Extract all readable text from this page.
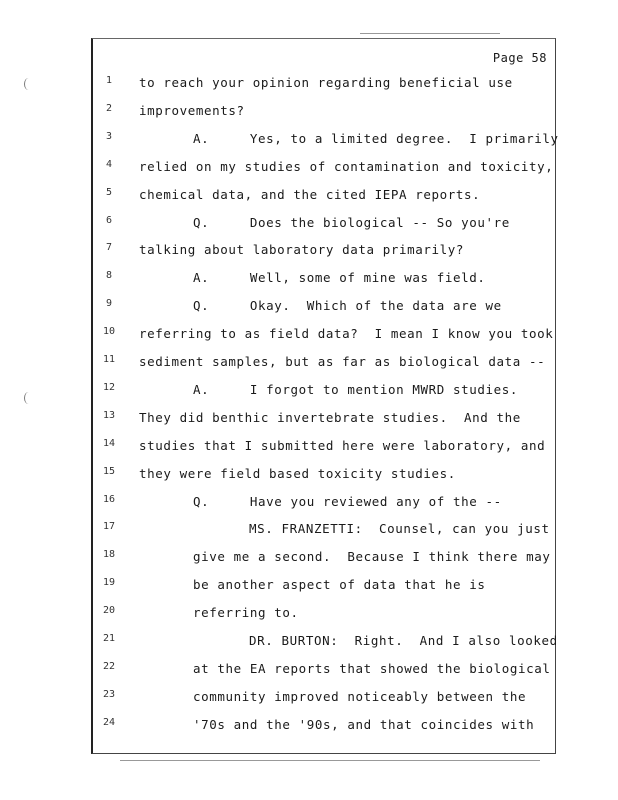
Page 58
1	to reach your opinion regarding beneficial use
2	improvements?
3	A.     Yes, to a limited degree.  I primarily
4	relied on my studies of contamination and toxicity,
5	chemical data, and the cited IEPA reports.
6	Q.     Does the biological -- So you're
7	talking about laboratory data primarily?
8	A.     Well, some of mine was field.
9	Q.     Okay.  Which of the data are we
10	referring to as field data?  I mean I know you took
11	sediment samples, but as far as biological data --
12	A.     I forgot to mention MWRD studies.
13	They did benthic invertebrate studies.  And the
14	studies that I submitted here were laboratory, and
15	they were field based toxicity studies.
16	Q.     Have you reviewed any of the --
17	MS. FRANZETTI:  Counsel, can you just
18	give me a second.  Because I think there may
19	be another aspect of data that he is
20	referring to.
21	DR. BURTON:  Right.  And I also looked
22	at the EA reports that showed the biological
23	community improved noticeably between the
24	'70s and the '90s, and that coincides with
